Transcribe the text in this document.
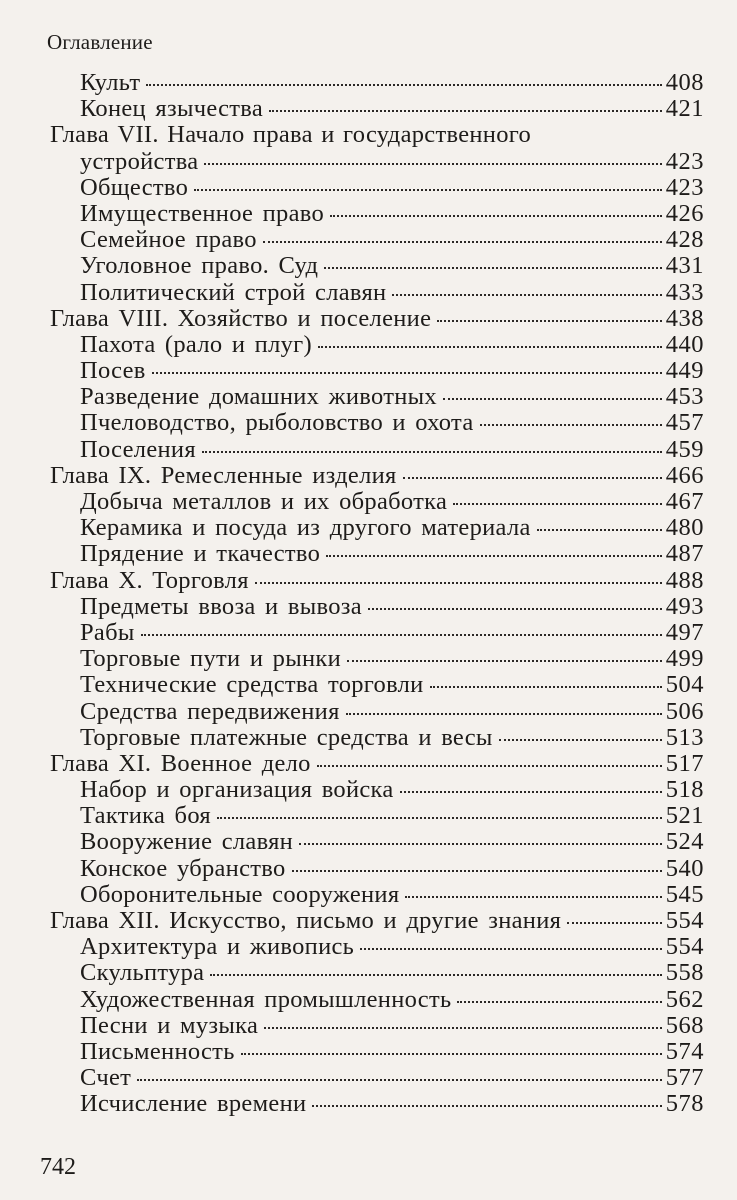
Оглавление
Культ	408
Конец язычества	421
Глава VII. Начало права и государственного
устройства	423
Общество	423
Имущественное право	426
Семейное право	428
Уголовное право. Суд	431
Политический строй славян	433
Глава VIII. Хозяйство и поселение	438
Пахота (рало и плуг)	440
Посев	449
Разведение домашних животных	453
Пчеловодство, рыболовство и охота	457
Поселения	459
Глава IX. Ремесленные изделия	466
Добыча металлов и их обработка	467
Керамика и посуда из другого материала	480
Прядение и ткачество	487
Глава X. Торговля	488
Предметы ввоза и вывоза	493
Рабы	497
Торговые пути и рынки	499
Технические средства торговли	504
Средства передвижения	506
Торговые платежные средства и весы	513
Глава XI. Военное дело	517
Набор и организация войска	518
Тактика боя	521
Вооружение славян	524
Конское убранство	540
Оборонительные сооружения	545
Глава XII. Искусство, письмо и другие знания	554
Архитектура и живопись	554
Скульптура	558
Художественная промышленность	562
Песни и музыка	568
Письменность	574
Счет	577
Исчисление времени	578
742
